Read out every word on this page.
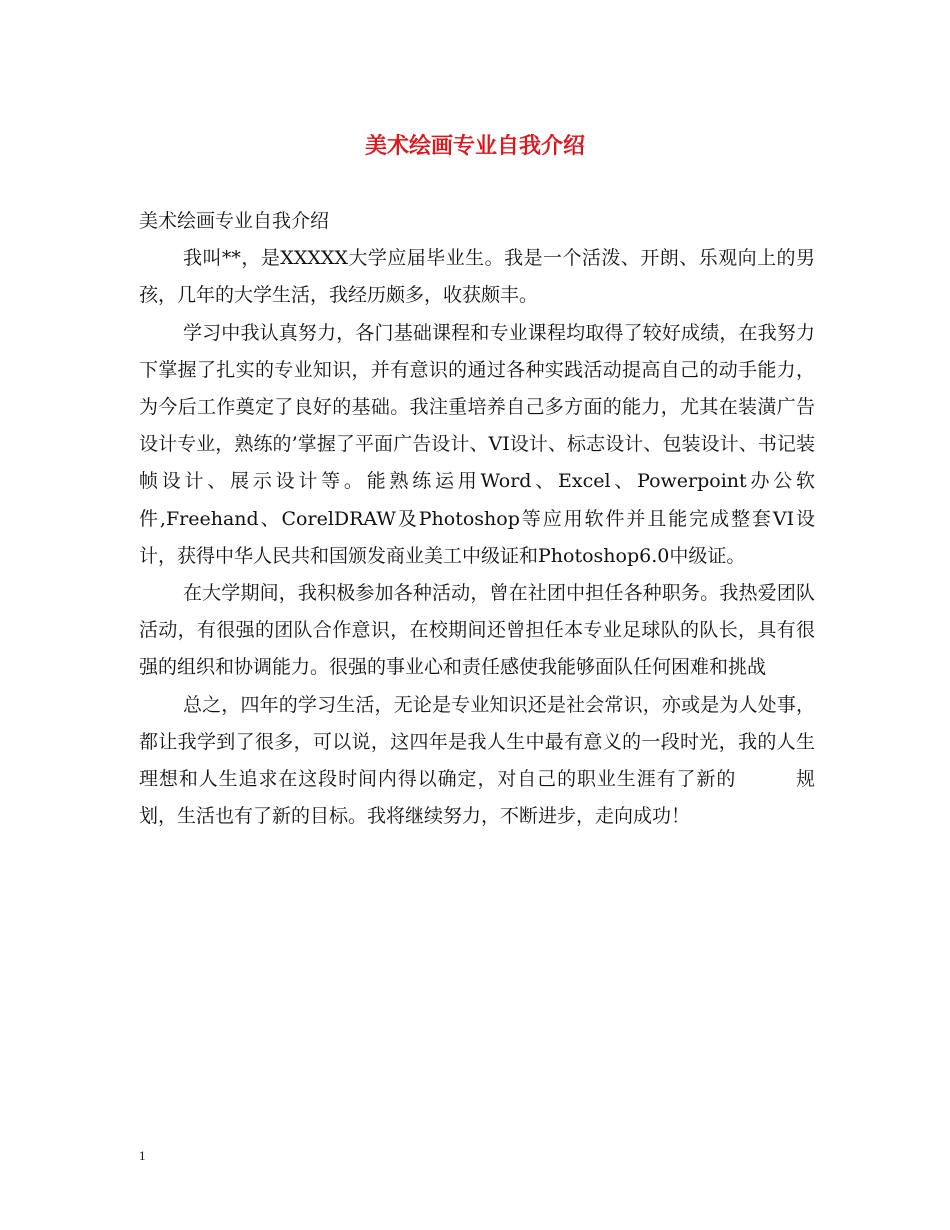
美术绘画专业自我介绍

美术绘画专业自我介绍

我叫**，是XXXXX大学应届毕业生。我是一个活泼、开朗、乐观向上的男孩，几年的大学生活，我经历颇多，收获颇丰。

学习中我认真努力，各门基础课程和专业课程均取得了较好成绩，在我努力下掌握了扎实的专业知识，并有意识的通过各种实践活动提高自己的动手能力，为今后工作奠定了良好的基础。我注重培养自己多方面的能力，尤其在装潢广告设计专业，熟练的’掌握了平面广告设计、VI设计、标志设计、包装设计、书记装帧设计、展示设计等。能熟练运用Word、Excel、Powerpoint办公软件,Freehand、CorelDRAW及Photoshop等应用软件并且能完成整套VI设计，获得中华人民共和国颁发商业美工中级证和Photoshop6.0中级证。

在大学期间，我积极参加各种活动，曾在社团中担任各种职务。我热爱团队活动，有很强的团队合作意识，在校期间还曾担任本专业足球队的队长，具有很强的组织和协调能力。很强的事业心和责任感使我能够面队任何困难和挑战

总之，四年的学习生活，无论是专业知识还是社会常识，亦或是为人处事，都让我学到了很多，可以说，这四年是我人生中最有意义的一段时光，我的人生理想和人生追求在这段时间内得以确定，对自己的职业生涯有了新的　　　规划，生活也有了新的目标。我将继续努力，不断进步，走向成功！

1
